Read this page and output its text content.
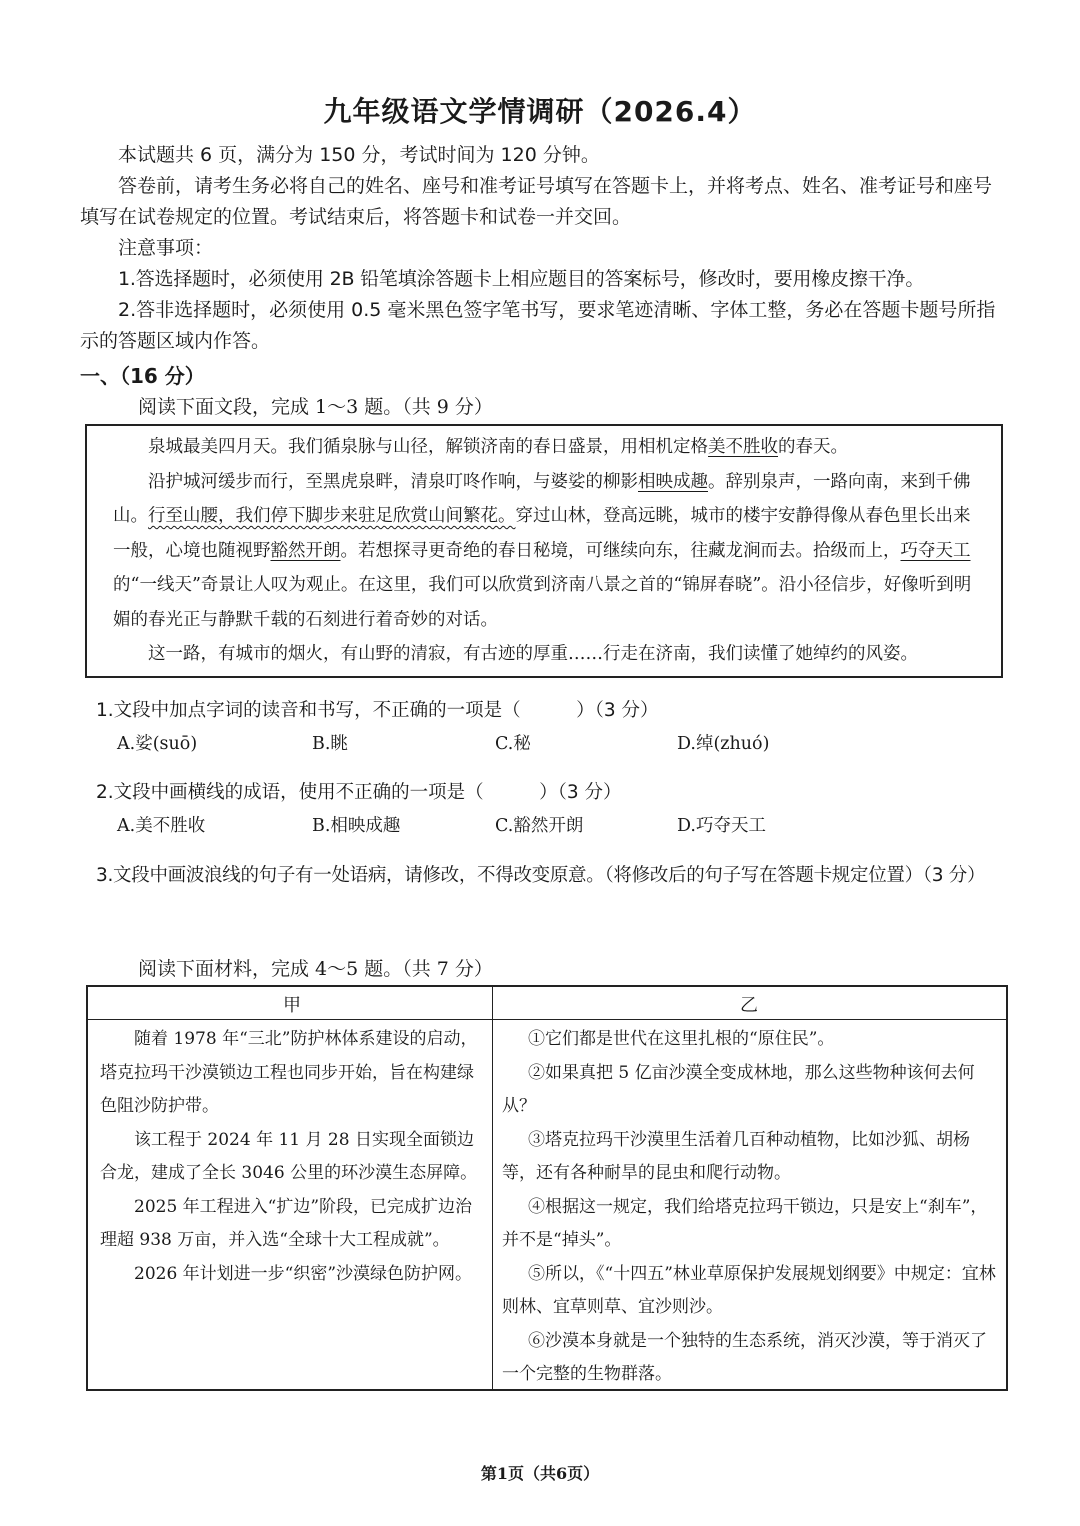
九年级语文学情调研（2026.4）
本试题共 6 页，满分为 150 分，考试时间为 120 分钟。
答卷前，请考生务必将自己的姓名、座号和准考证号填写在答题卡上，并将考点、姓名、准考证号和座号填写在试卷规定的位置。考试结束后，将答题卡和试卷一并交回。
注意事项：
1.答选择题时，必须使用 2B 铅笔填涂答题卡上相应题目的答案标号，修改时，要用橡皮擦干净。
2.答非选择题时，必须使用 0.5 毫米黑色签字笔书写，要求笔迹清晰、字体工整，务必在答题卡题号所指示的答题区域内作答。
一、（16 分）
阅读下面文段，完成 1～3 题。（共 9 分）

泉城最美四月天。我们循泉脉与山径，解锁济南的春日盛景，用相机定格美不胜收的春天。

沿护城河缓步而行，至黑虎泉畔，清泉叮咚作响，与婆娑的柳影相映成趣。辞别泉声，一路向南，来到千佛山。行至山腰，我们停下脚步来驻足欣赏山间繁花。穿过山林，登高远眺，城市的楼宇安静得像从春色里长出来一般，心境也随视野豁然开朗。若想探寻更奇绝的春日秘境，可继续向东，往藏龙涧而去。拾级而上，巧夺天工的“一线天”奇景让人叹为观止。在这里，我们可以欣赏到济南八景之首的“锦屏春晓”。沿小径信步，好像听到明媚的春光正与静默千载的石刻进行着奇妙的对话。

这一路，有城市的烟火，有山野的清寂，有古迹的厚重……行走在济南，我们读懂了她绰约的风姿。

1.文段中加点字词的读音和书写，不正确的一项是（　　　）（3 分）
A.娑(suō)	B.眺	C.秘	D.绰(zhuó)
2.文段中画横线的成语，使用不正确的一项是（　　　）（3 分）
A.美不胜收	B.相映成趣	C.豁然开朗	D.巧夺天工
3.文段中画波浪线的句子有一处语病，请修改，不得改变原意。（将修改后的句子写在答题卡规定位置）（3 分）
阅读下面材料，完成 4～5 题。（共 7 分）
甲	乙

随着 1978 年“三北”防护林体系建设的启动，塔克拉玛干沙漠锁边工程也同步开始，旨在构建绿色阻沙防护带。

该工程于 2024 年 11 月 28 日实现全面锁边合龙，建成了全长 3046 公里的环沙漠生态屏障。

2025 年工程进入“扩边”阶段，已完成扩边治理超 938 万亩，并入选“全球十大工程成就”。

2026 年计划进一步“织密”沙漠绿色防护网。

①它们都是世代在这里扎根的“原住民”。

②如果真把 5 亿亩沙漠全变成林地，那么这些物种该何去何从？

③塔克拉玛干沙漠里生活着几百种动植物，比如沙狐、胡杨等，还有各种耐旱的昆虫和爬行动物。

④根据这一规定，我们给塔克拉玛干锁边，只是安上“刹车”，并不是“掉头”。

⑤所以，《“十四五”林业草原保护发展规划纲要》中规定：宜林则林、宜草则草、宜沙则沙。

⑥沙漠本身就是一个独特的生态系统，消灭沙漠，等于消灭了一个完整的生物群落。

第1页（共6页）
